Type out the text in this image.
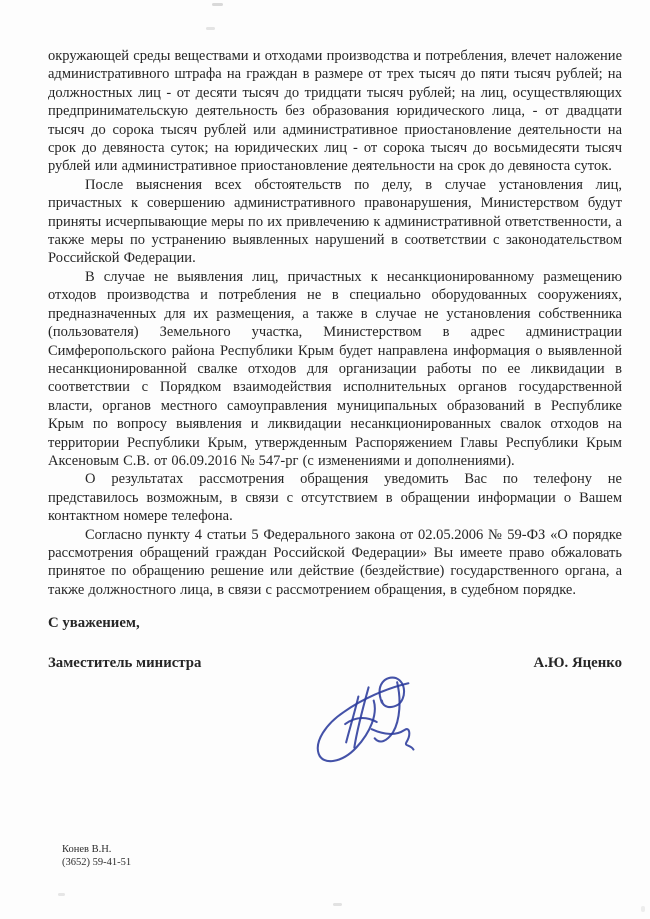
окружающей среды веществами и отходами производства и потребления, влечет наложение административного штрафа на граждан в размере от трех тысяч до пяти тысяч рублей; на должностных лиц - от десяти тысяч до тридцати тысяч рублей; на лиц, осуществляющих предпринимательскую деятельность без образования юридического лица, - от двадцати тысяч до сорока тысяч рублей или административное приостановление деятельности на срок до девяноста суток; на юридических лиц - от сорока тысяч до восьмидесяти тысяч рублей или административное приостановление деятельности на срок до девяноста суток.

После выяснения всех обстоятельств по делу, в случае установления лиц, причастных к совершению административного правонарушения, Министерством будут приняты исчерпывающие меры по их привлечению к административной ответственности, а также меры по устранению выявленных нарушений в соответствии с законодательством Российской Федерации.

В случае не выявления лиц, причастных к несанкционированному размещению отходов производства и потребления не в специально оборудованных сооружениях, предназначенных для их размещения, а также в случае не установления собственника (пользователя) Земельного участка, Министерством в адрес администрации Симферопольского района Республики Крым будет направлена информация о выявленной несанкционированной свалке отходов для организации работы по ее ликвидации в соответствии с Порядком взаимодействия исполнительных органов государственной власти, органов местного самоуправления муниципальных образований в Республике Крым по вопросу выявления и ликвидации несанкционированных свалок отходов на территории Республики Крым, утвержденным Распоряжением Главы Республики Крым Аксеновым С.В. от 06.09.2016 № 547-рг (с изменениями и дополнениями).

О результатах рассмотрения обращения уведомить Вас по телефону не представилось возможным, в связи с отсутствием в обращении информации о Вашем контактном номере телефона.

Согласно пункту 4 статьи 5 Федерального закона от 02.05.2006 № 59-ФЗ «О порядке рассмотрения обращений граждан Российской Федерации» Вы имеете право обжаловать принятое по обращению решение или действие (бездействие) государственного органа, а также должностного лица, в связи с рассмотрением обращения, в судебном порядке.

С уважением,

Заместитель министра	А.Ю. Яценко
Конев В.Н.
(3652) 59-41-51
